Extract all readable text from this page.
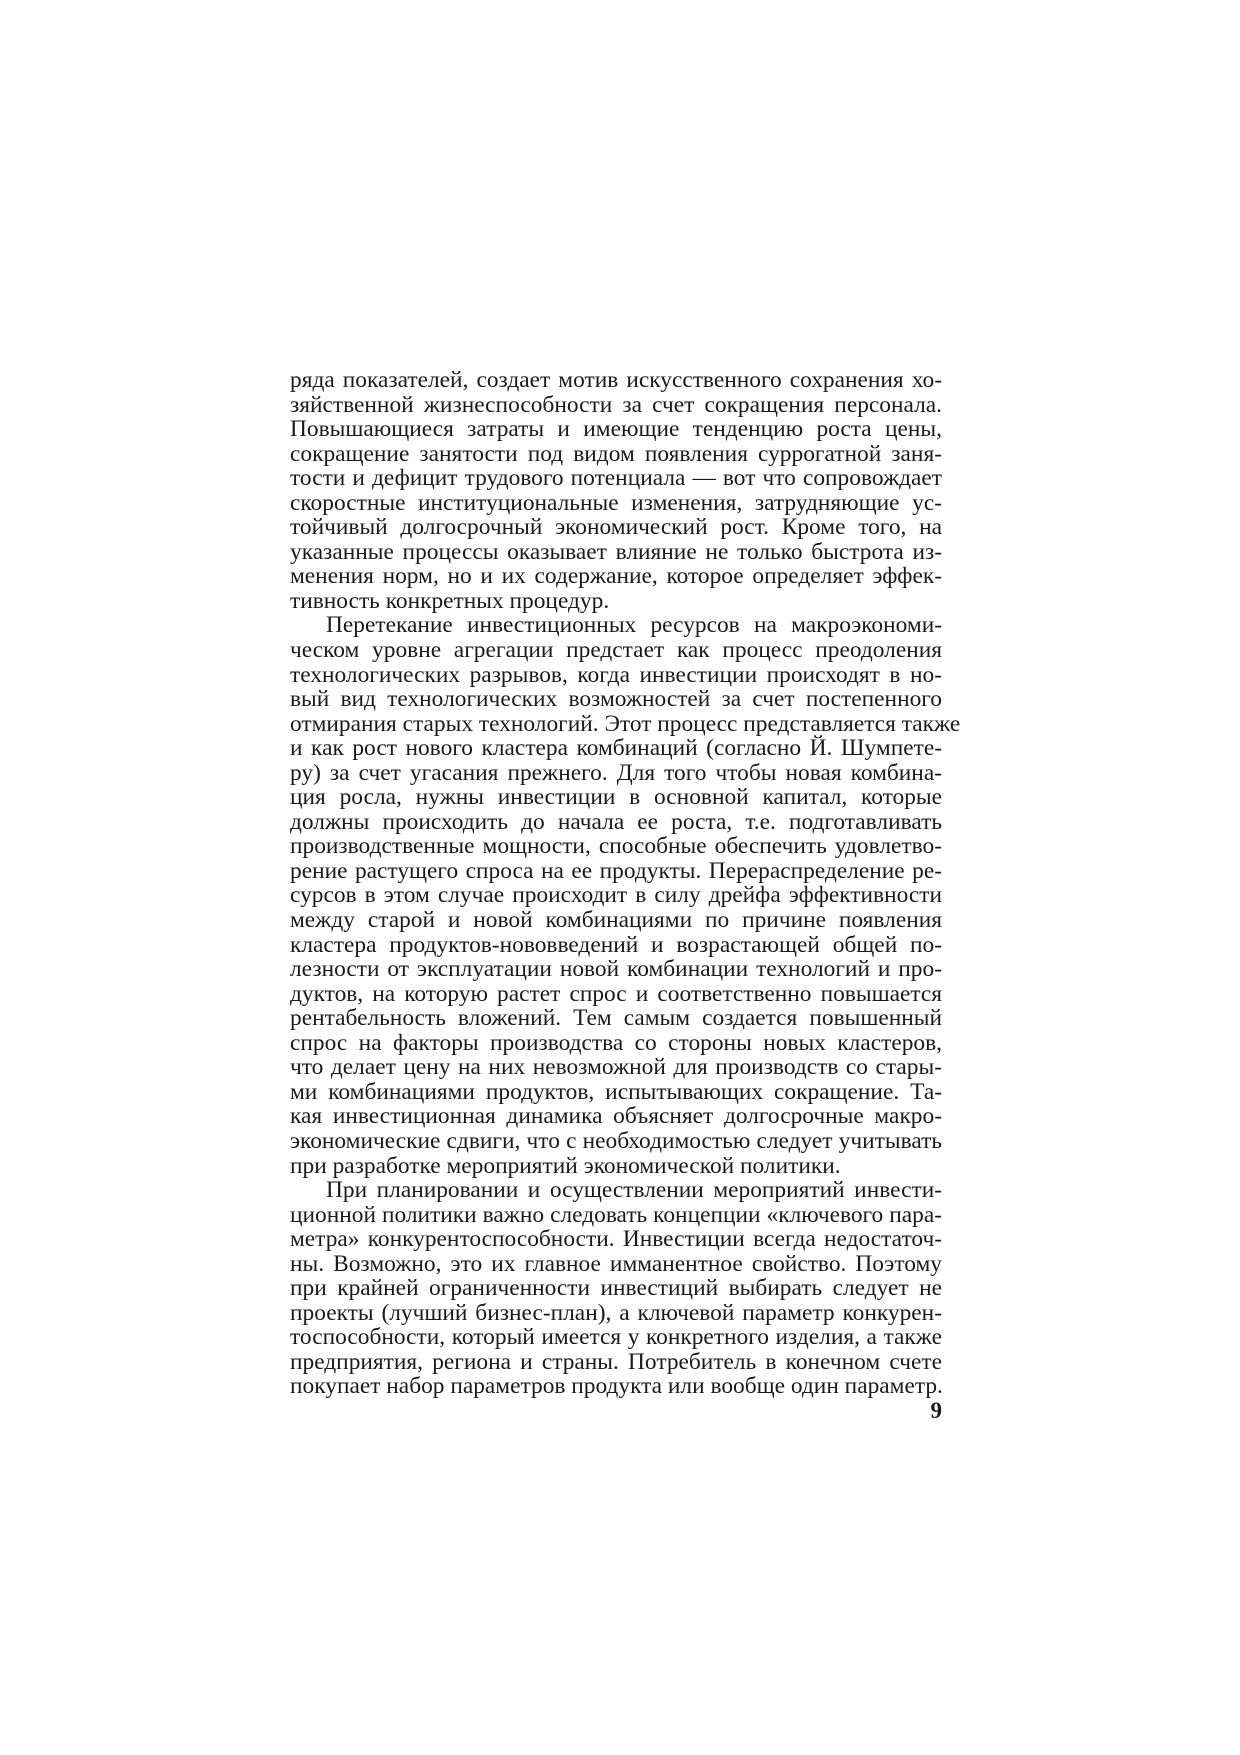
ряда показателей, создает мотив искусственного сохранения хо-
зяйственной жизнеспособности за счет сокращения персонала.
Повышающиеся затраты и имеющие тенденцию роста цены,
сокращение занятости под видом появления суррогатной заня-
тости и дефицит трудового потенциала — вот что сопровождает
скоростные институциональные изменения, затрудняющие ус-
тойчивый долгосрочный экономический рост. Кроме того, на
указанные процессы оказывает влияние не только быстрота из-
менения норм, но и их содержание, которое определяет эффек-
тивность конкретных процедур.
Перетекание инвестиционных ресурсов на макроэкономи-
ческом уровне агрегации предстает как процесс преодоления
технологических разрывов, когда инвестиции происходят в но-
вый вид технологических возможностей за счет постепенного
отмирания старых технологий. Этот процесс представляется также
и как рост нового кластера комбинаций (согласно Й. Шумпете-
ру) за счет угасания прежнего. Для того чтобы новая комбина-
ция росла, нужны инвестиции в основной капитал, которые
должны происходить до начала ее роста, т.е. подготавливать
производственные мощности, способные обеспечить удовлетво-
рение растущего спроса на ее продукты. Перераспределение ре-
сурсов в этом случае происходит в силу дрейфа эффективности
между старой и новой комбинациями по причине появления
кластера продуктов-нововведений и возрастающей общей по-
лезности от эксплуатации новой комбинации технологий и про-
дуктов, на которую растет спрос и соответственно повышается
рентабельность вложений. Тем самым создается повышенный
спрос на факторы производства со стороны новых кластеров,
что делает цену на них невозможной для производств со стары-
ми комбинациями продуктов, испытывающих сокращение. Та-
кая инвестиционная динамика объясняет долгосрочные макро-
экономические сдвиги, что с необходимостью следует учитывать
при разработке мероприятий экономической политики.
При планировании и осуществлении мероприятий инвести-
ционной политики важно следовать концепции «ключевого пара-
метра» конкурентоспособности. Инвестиции всегда недостаточ-
ны. Возможно, это их главное имманентное свойство. Поэтому
при крайней ограниченности инвестиций выбирать следует не
проекты (лучший бизнес-план), а ключевой параметр конкурен-
тоспособности, который имеется у конкретного изделия, а также
предприятия, региона и страны. Потребитель в конечном счете
покупает набор параметров продукта или вообще один параметр.
9
